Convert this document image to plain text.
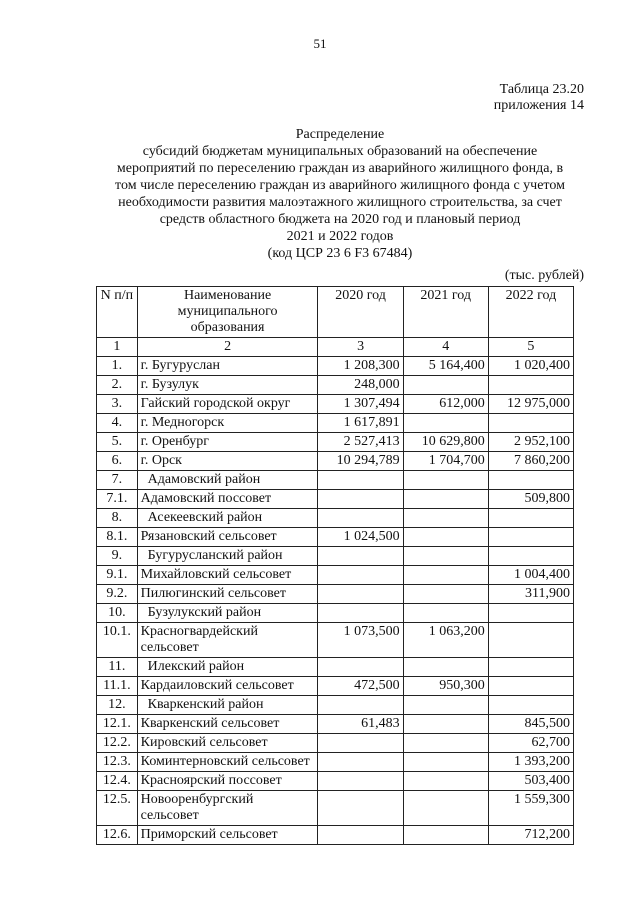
51
Таблица 23.20
приложения 14
Распределение
субсидий бюджетам муниципальных образований на обеспечение
мероприятий по переселению граждан из аварийного жилищного фонда, в
том числе переселению граждан из аварийного жилищного фонда с учетом
необходимости развития малоэтажного жилищного строительства, за счет
средств областного бюджета на 2020 год и плановый период
2021 и 2022 годов
(код ЦСР 23 6 F3 67484)
(тыс. рублей)
N п/п	Наименование муниципального образования	2020 год	2021 год	2022 год
1	2	3	4	5
1.	г. Бугуруслан	1 208,300	5 164,400	1 020,400
2.	г. Бузулук	248,000		
3.	Гайский городской округ	1 307,494	612,000	12 975,000
4.	г. Медногорск	1 617,891		
5.	г. Оренбург	2 527,413	10 629,800	2 952,100
6.	г. Орск	10 294,789	1 704,700	7 860,200
7.	Адамовский район			
7.1.	Адамовский поссовет			509,800
8.	Асекеевский район			
8.1.	Рязановский сельсовет	1 024,500		
9.	Бугурусланский район			
9.1.	Михайловский сельсовет			1 004,400
9.2.	Пилюгинский сельсовет			311,900
10.	Бузулукский район			
10.1.	Красногвардейский сельсовет	1 073,500	1 063,200	
11.	Илекский район			
11.1.	Кардаиловский сельсовет	472,500	950,300	
12.	Кваркенский район			
12.1.	Кваркенский сельсовет	61,483		845,500
12.2.	Кировский сельсовет			62,700
12.3.	Коминтерновский сельсовет			1 393,200
12.4.	Красноярский поссовет			503,400
12.5.	Новооренбургский сельсовет			1 559,300
12.6.	Приморский сельсовет			712,200
